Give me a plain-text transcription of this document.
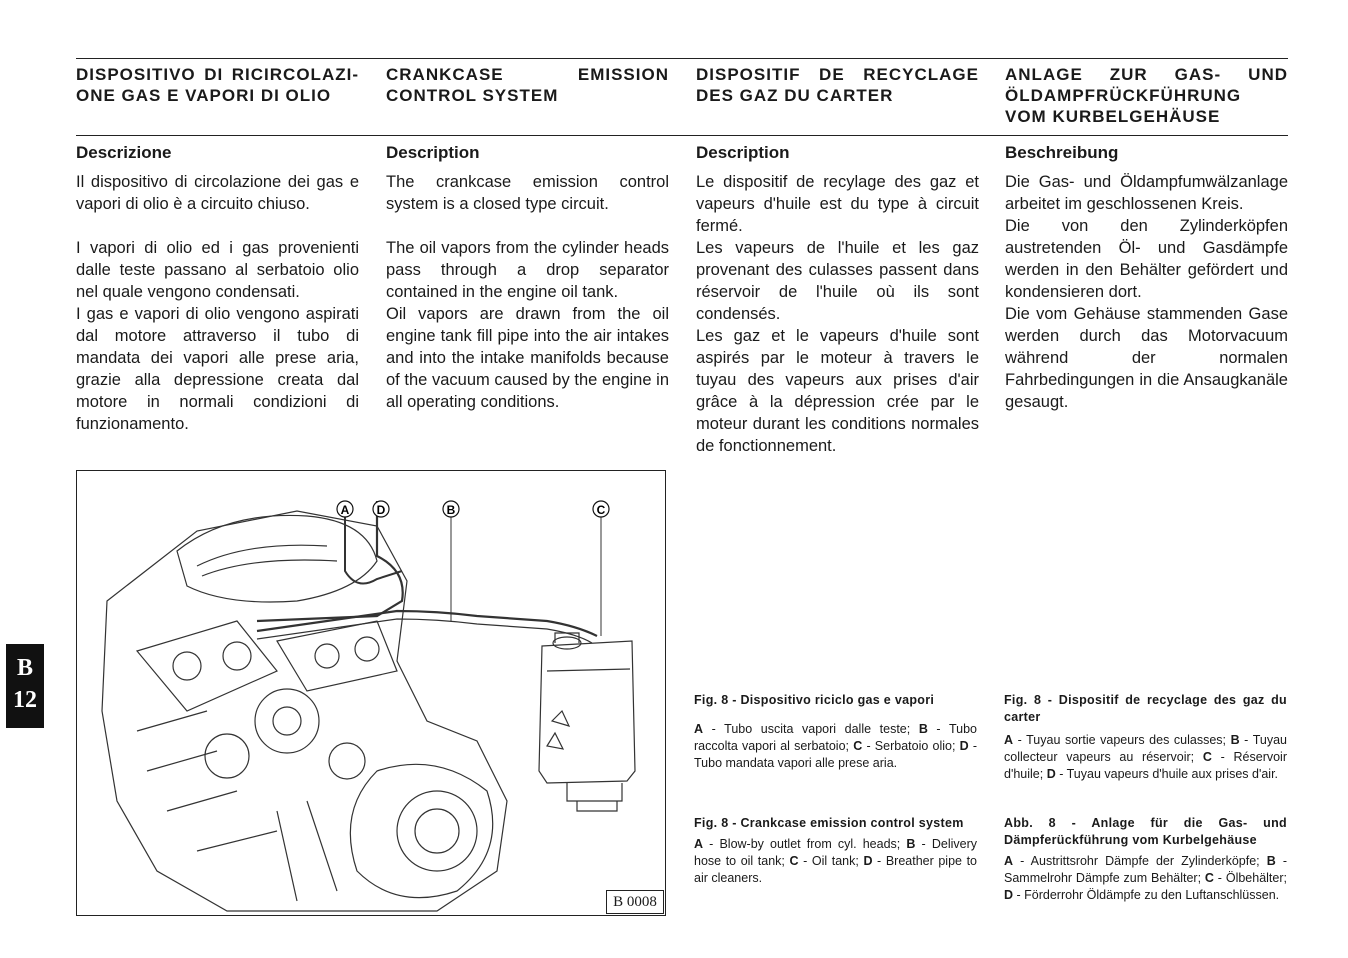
B
12
DISPOSITIVO DI RICIRCOLAZI-ONE GAS E VAPORI DI OLIO
Descrizione

Il dispositivo di circolazione dei gas e vapori di olio è a circuito chiuso.

I vapori di olio ed i gas provenienti dalle teste passano al serbatoio olio nel quale vengono condensati.

I gas e vapori di olio vengono aspirati dal motore attraverso il tubo di mandata dei vapori alle prese aria, grazie alla depressione creata dal motore in normali condizioni di funzionamento.

CRANKCASE EMISSION CONTROL SYSTEM
Description

The crankcase emission control system is a closed type circuit.

The oil vapors from the cylinder heads pass through a drop separator contained in the engine oil tank.

Oil vapors are drawn from the oil engine tank fill pipe into the air intakes and into the intake manifolds because of the vacuum caused by the engine in all operating conditions.

DISPOSITIF DE RECYCLAGE DES GAZ DU CARTER
Description

Le dispositif de recylage des gaz et vapeurs d'huile est du type à circuit fermé.

Les vapeurs de l'huile et les gaz provenant des culasses passent dans réservoir de l'huile où ils sont condensés.

Les gaz et le vapeurs d'huile sont aspirés par le moteur à travers le tuyau des vapeurs aux prises d'air grâce à la dépression crée par le moteur durant les conditions normales de fonctionnement.

ANLAGE ZUR GAS- UND ÖLDAMPFRÜCKFÜHRUNG VOM KURBELGEHÄUSE
Beschreibung

Die Gas- und Öldampfumwälzanlage arbeitet im geschlossenen Kreis.

Die von den Zylinderköpfen austretenden Öl- und Gasdämpfe werden in den Behälter gefördert und kondensieren dort.

Die vom Gehäuse stammenden Gase werden durch das Motorvacuum während der normalen Fahrbedingungen in die Ansaugkanäle gesaugt.

A D	B	C
B 0008

Fig. 8 - Dispositivo riciclo gas e vapori

A - Tubo uscita vapori dalle teste; B - Tubo raccolta vapori al serbatoio; C - Serbatoio olio; D - Tubo mandata vapori alle prese aria.

Fig. 8 - Dispositif de recyclage des gaz du carter

A - Tuyau sortie vapeurs des culasses; B - Tuyau collecteur vapeurs au réservoir; C - Réservoir d'huile; D - Tuyau vapeurs d'huile aux prises d'air.

Fig. 8 - Crankcase emission control system

A - Blow-by outlet from cyl. heads; B - Delivery hose to oil tank; C - Oil tank; D - Breather pipe to air cleaners.

Abb. 8 - Anlage für die Gas- und Dämpferückführung vom Kurbelgehäuse

A - Austrittsrohr Dämpfe der Zylinderköpfe; B - Sammelrohr Dämpfe zum Behälter; C - Ölbehälter; D - Förderrohr Öldämpfe zu den Luftanschlüssen.
